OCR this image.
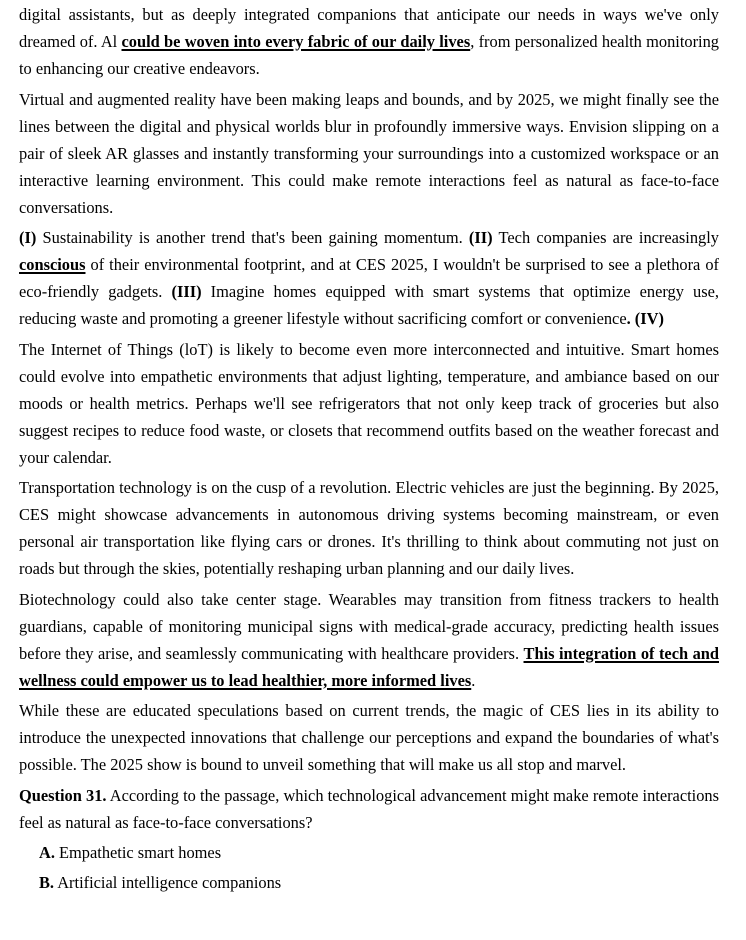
digital assistants, but as deeply integrated companions that anticipate our needs in ways we've only dreamed of. Al could be woven into every fabric of our daily lives, from personalized health monitoring to enhancing our creative endeavors.

Virtual and augmented reality have been making leaps and bounds, and by 2025, we might finally see the lines between the digital and physical worlds blur in profoundly immersive ways. Envision slipping on a pair of sleek AR glasses and instantly transforming your surroundings into a customized workspace or an interactive learning environment. This could make remote interactions feel as natural as face-to-face conversations.

(I) Sustainability is another trend that's been gaining momentum. (II) Tech companies are increasingly conscious of their environmental footprint, and at CES 2025, I wouldn't be surprised to see a plethora of eco-friendly gadgets. (III) Imagine homes equipped with smart systems that optimize energy use, reducing waste and promoting a greener lifestyle without sacrificing comfort or convenience. (IV)

The Internet of Things (loT) is likely to become even more interconnected and intuitive. Smart homes could evolve into empathetic environments that adjust lighting, temperature, and ambiance based on our moods or health metrics. Perhaps we'll see refrigerators that not only keep track of groceries but also suggest recipes to reduce food waste, or closets that recommend outfits based on the weather forecast and your calendar.

Transportation technology is on the cusp of a revolution. Electric vehicles are just the beginning. By 2025, CES might showcase advancements in autonomous driving systems becoming mainstream, or even personal air transportation like flying cars or drones. It's thrilling to think about commuting not just on roads but through the skies, potentially reshaping urban planning and our daily lives.

Biotechnology could also take center stage. Wearables may transition from fitness trackers to health guardians, capable of monitoring municipal signs with medical-grade accuracy, predicting health issues before they arise, and seamlessly communicating with healthcare providers. This integration of tech and wellness could empower us to lead healthier, more informed lives.

While these are educated speculations based on current trends, the magic of CES lies in its ability to introduce the unexpected innovations that challenge our perceptions and expand the boundaries of what's possible. The 2025 show is bound to unveil something that will make us all stop and marvel.

Question 31. According to the passage, which technological advancement might make remote interactions feel as natural as face-to-face conversations?

A. Empathetic smart homes

B. Artificial intelligence companions
